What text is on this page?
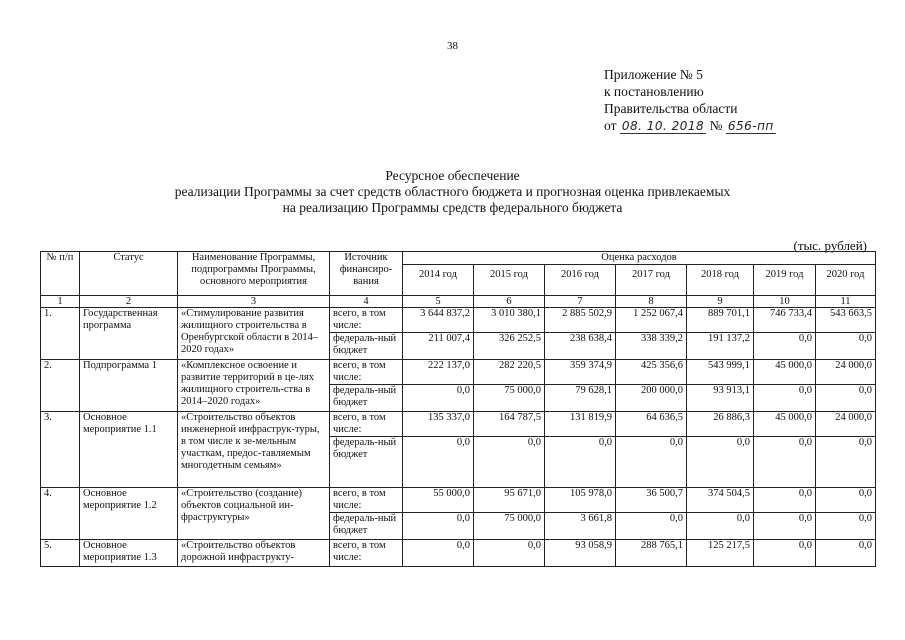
38
Приложение № 5
к постановлению
Правительства области
от 08. 10. 2018 № 656-пп
Ресурсное обеспечение
реализации Программы за счет средств областного бюджета и прогнозная оценка привлекаемых
на реализацию Программы средств федерального бюджета
(тыс. рублей)
№ п/п	Статус	Наименование Программы, подпрограммы Программы, основного мероприятия	Источник финансиро-вания	Оценка расходов						
				2014 год	2015 год	2016 год	2017 год	2018 год	2019 год	2020 год
1	2	3	4	5	6	7	8	9	10	11
1.	Государственная программа	«Стимулирование развития жилищного строительства в Оренбургской области в 2014–2020 годах»	всего, в том числе:	3 644 837,2	3 010 380,1	2 885 502,9	1 252 067,4	889 701,1	746 733,4	543 663,5
			федераль-ный бюджет	211 007,4	326 252,5	238 638,4	338 339,2	191 137,2	0,0	0,0
2.	Подпрограмма 1	«Комплексное освоение и развитие территорий в це-лях жилищного строитель-ства в 2014–2020 годах»	всего, в том числе:	222 137,0	282 220,5	359 374,9	425 356,6	543 999,1	45 000,0	24 000,0
			федераль-ный бюджет	0,0	75 000,0	79 628,1	200 000,0	93 913,1	0,0	0,0
3.	Основное мероприятие 1.1	«Строительство объектов инженерной инфраструк-туры, в том числе к зе-мельным участкам, предос-тавляемым многодетным семьям»	всего, в том числе:	135 337,0	164 787,5	131 819,9	64 636,5	26 886,3	45 000,0	24 000,0
			федераль-ный бюджет	0,0	0,0	0,0	0,0	0,0	0,0	0,0
4.	Основное мероприятие 1.2	«Строительство (создание) объектов социальной ин-фраструктуры»	всего, в том числе:	55 000,0	95 671,0	105 978,0	36 500,7	374 504,5	0,0	0,0
			федераль-ный бюджет	0,0	75 000,0	3 661,8	0,0	0,0	0,0	0,0
5.	Основное мероприятие 1.3	«Строительство объектов дорожной инфраструкту-	всего, в том числе:	0,0	0,0	93 058,9	288 765,1	125 217,5	0,0	0,0
